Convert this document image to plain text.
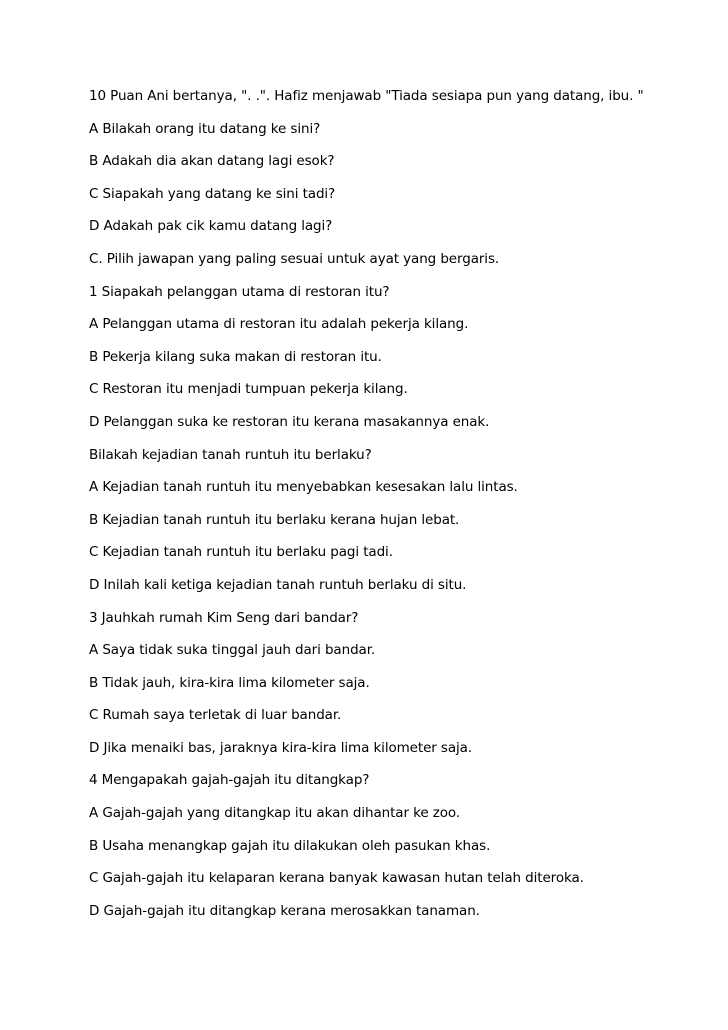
10 Puan Ani bertanya, ". .". Hafiz menjawab "Tiada sesiapa pun yang datang, ibu. "
A Bilakah orang itu datang ke sini?
B Adakah dia akan datang lagi esok?
C Siapakah yang datang ke sini tadi?
D Adakah pak cik kamu datang lagi?
C. Pilih jawapan yang paling sesuai untuk ayat yang bergaris.
1 Siapakah pelanggan utama di restoran itu?
A Pelanggan utama di restoran itu adalah pekerja kilang.
B Pekerja kilang suka makan di restoran itu.
C Restoran itu menjadi tumpuan pekerja kilang.
D Pelanggan suka ke restoran itu kerana masakannya enak.
Bilakah kejadian tanah runtuh itu berlaku?
A Kejadian tanah runtuh itu menyebabkan kesesakan lalu lintas.
B Kejadian tanah runtuh itu berlaku kerana hujan lebat.
C Kejadian tanah runtuh itu berlaku pagi tadi.
D Inilah kali ketiga kejadian tanah runtuh berlaku di situ.
3 Jauhkah rumah Kim Seng dari bandar?
A Saya tidak suka tinggal jauh dari bandar.
B Tidak jauh, kira-kira lima kilometer saja.
C Rumah saya terletak di luar bandar.
D Jika menaiki bas, jaraknya kira-kira lima kilometer saja.
4 Mengapakah gajah-gajah itu ditangkap?
A Gajah-gajah yang ditangkap itu akan dihantar ke zoo.
B Usaha menangkap gajah itu dilakukan oleh pasukan khas.
C Gajah-gajah itu kelaparan kerana banyak kawasan hutan telah diteroka.
D Gajah-gajah itu ditangkap kerana merosakkan tanaman.
